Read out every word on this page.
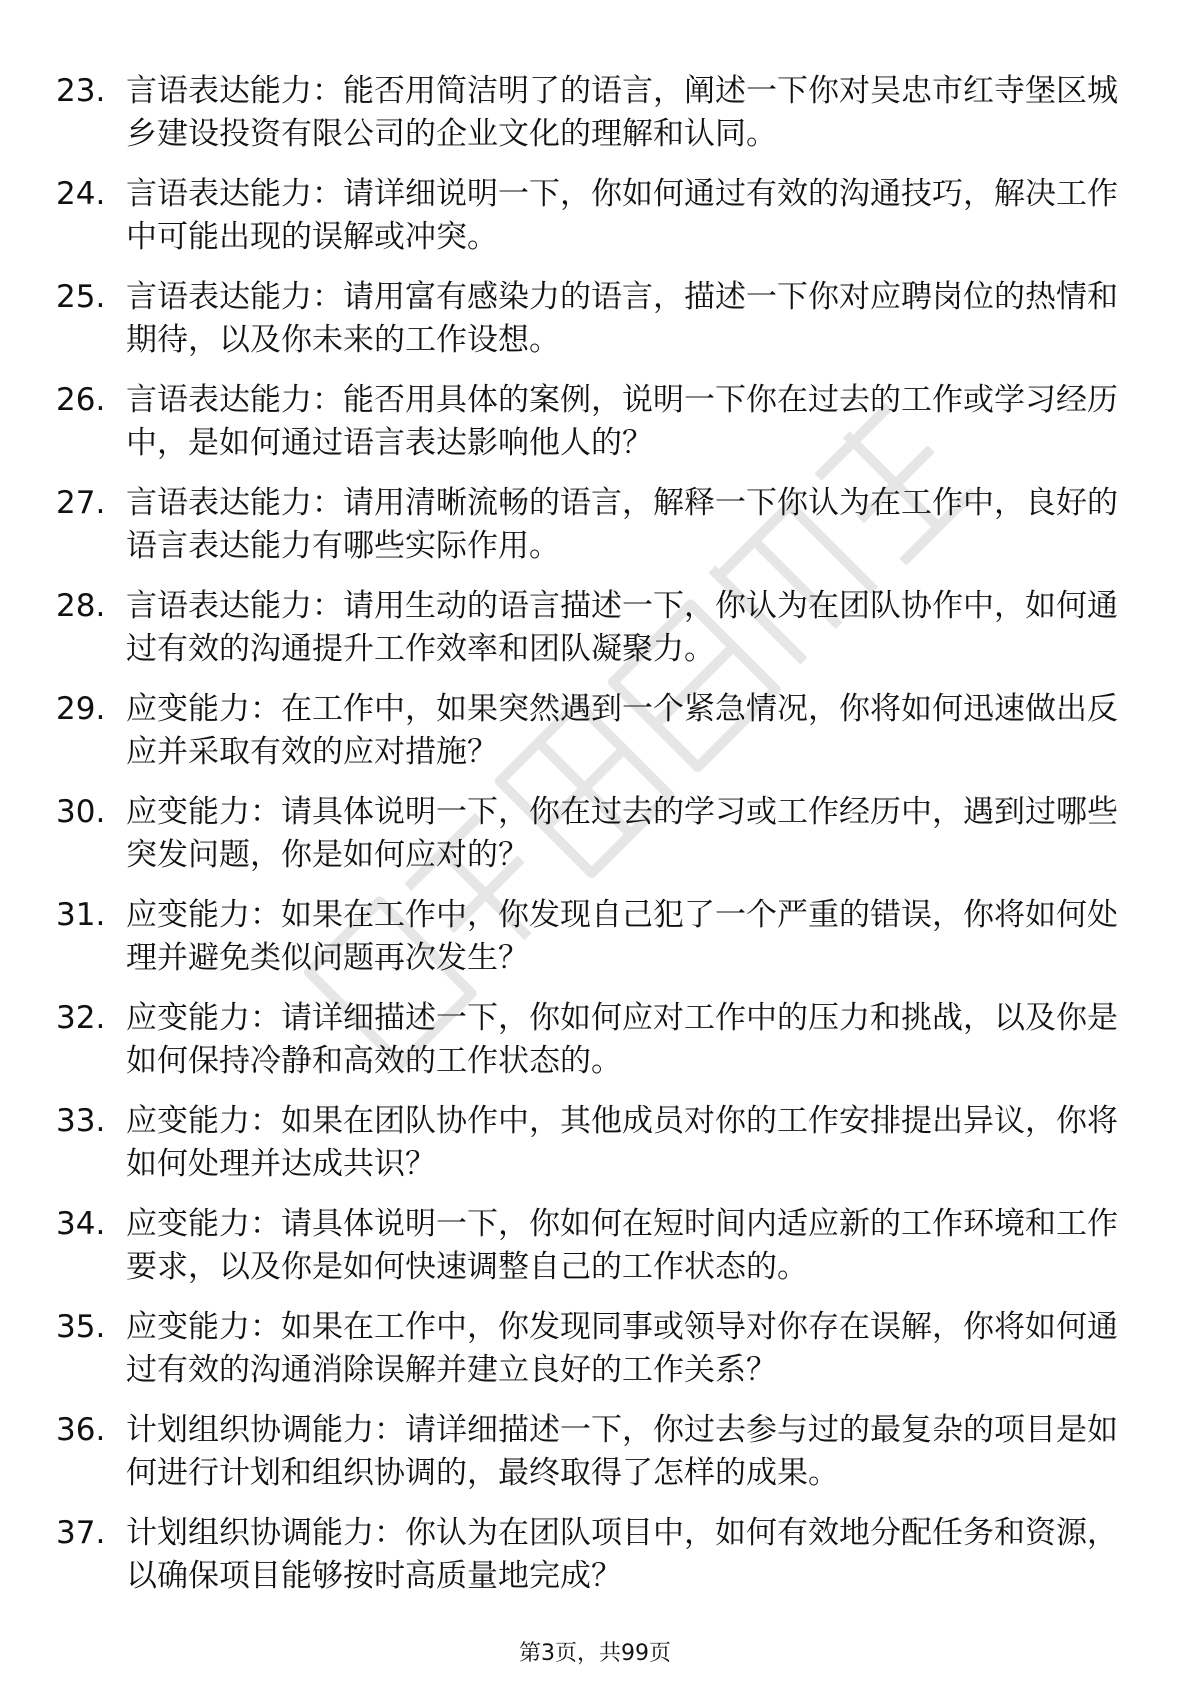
23. 言语表达能力：能否用简洁明了的语言，阐述一下你对吴忠市红寺堡区城乡建设投资有限公司的企业文化的理解和认同。
24. 言语表达能力：请详细说明一下，你如何通过有效的沟通技巧，解决工作中可能出现的误解或冲突。
25. 言语表达能力：请用富有感染力的语言，描述一下你对应聘岗位的热情和期待，以及你未来的工作设想。
26. 言语表达能力：能否用具体的案例，说明一下你在过去的工作或学习经历中，是如何通过语言表达影响他人的？
27. 言语表达能力：请用清晰流畅的语言，解释一下你认为在工作中，良好的语言表达能力有哪些实际作用。
28. 言语表达能力：请用生动的语言描述一下，你认为在团队协作中，如何通过有效的沟通提升工作效率和团队凝聚力。
29. 应变能力：在工作中，如果突然遇到一个紧急情况，你将如何迅速做出反应并采取有效的应对措施？
30. 应变能力：请具体说明一下，你在过去的学习或工作经历中，遇到过哪些突发问题，你是如何应对的？
31. 应变能力：如果在工作中，你发现自己犯了一个严重的错误，你将如何处理并避免类似问题再次发生？
32. 应变能力：请详细描述一下，你如何应对工作中的压力和挑战，以及你是如何保持冷静和高效的工作状态的。
33. 应变能力：如果在团队协作中，其他成员对你的工作安排提出异议，你将如何处理并达成共识？
34. 应变能力：请具体说明一下，你如何在短时间内适应新的工作环境和工作要求，以及你是如何快速调整自己的工作状态的。
35. 应变能力：如果在工作中，你发现同事或领导对你存在误解，你将如何通过有效的沟通消除误解并建立良好的工作关系？
36. 计划组织协调能力：请详细描述一下，你过去参与过的最复杂的项目是如何进行计划和组织协调的，最终取得了怎样的成果。
37. 计划组织协调能力：你认为在团队项目中，如何有效地分配任务和资源，以确保项目能够按时高质量地完成？
第3页，共99页
